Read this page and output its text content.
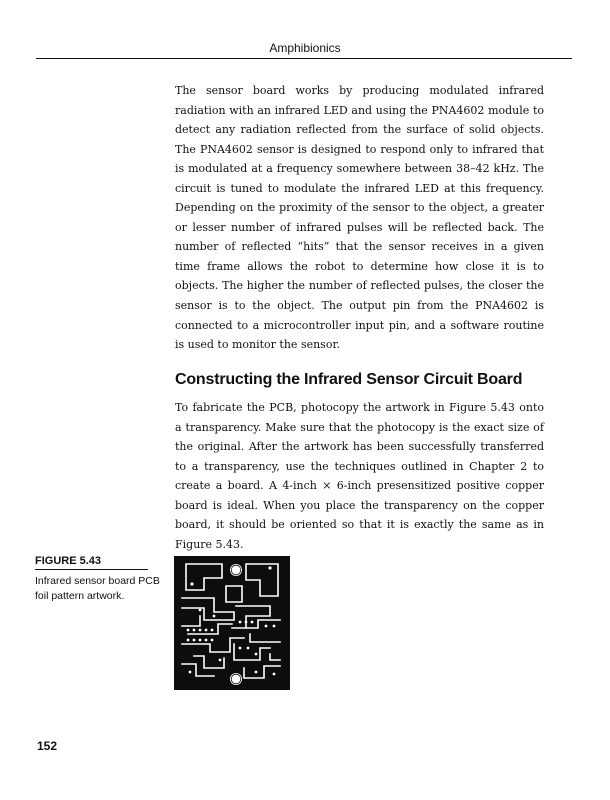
Amphibionics

The sensor board works by producing modulated infrared radiation with an infrared LED and using the PNA4602 module to detect any radiation reflected from the surface of solid objects. The PNA4602 sensor is designed to respond only to infrared that is modulated at a frequency somewhere between 38–42 kHz. The circuit is tuned to modulate the infrared LED at this frequency. Depending on the proximity of the sensor to the object, a greater or lesser number of infrared pulses will be reflected back. The number of reflected “hits” that the sensor receives in a given time frame allows the robot to determine how close it is to objects. The higher the number of reflected pulses, the closer the sensor is to the object. The output pin from the PNA4602 is connected to a microcontroller input pin, and a software routine is used to monitor the sensor.

Constructing the Infrared Sensor Circuit Board

To fabricate the PCB, photocopy the artwork in Figure 5.43 onto a transparency. Make sure that the photocopy is the exact size of the original. After the artwork has been successfully transferred to a transparency, use the techniques outlined in Chapter 2 to create a board. A 4-inch × 6-inch presensitized positive copper board is ideal. When you place the transparency on the copper board, it should be oriented so that it is exactly the same as in Figure 5.43.

FIGURE 5.43
Infrared sensor board PCB foil pattern artwork.
152
